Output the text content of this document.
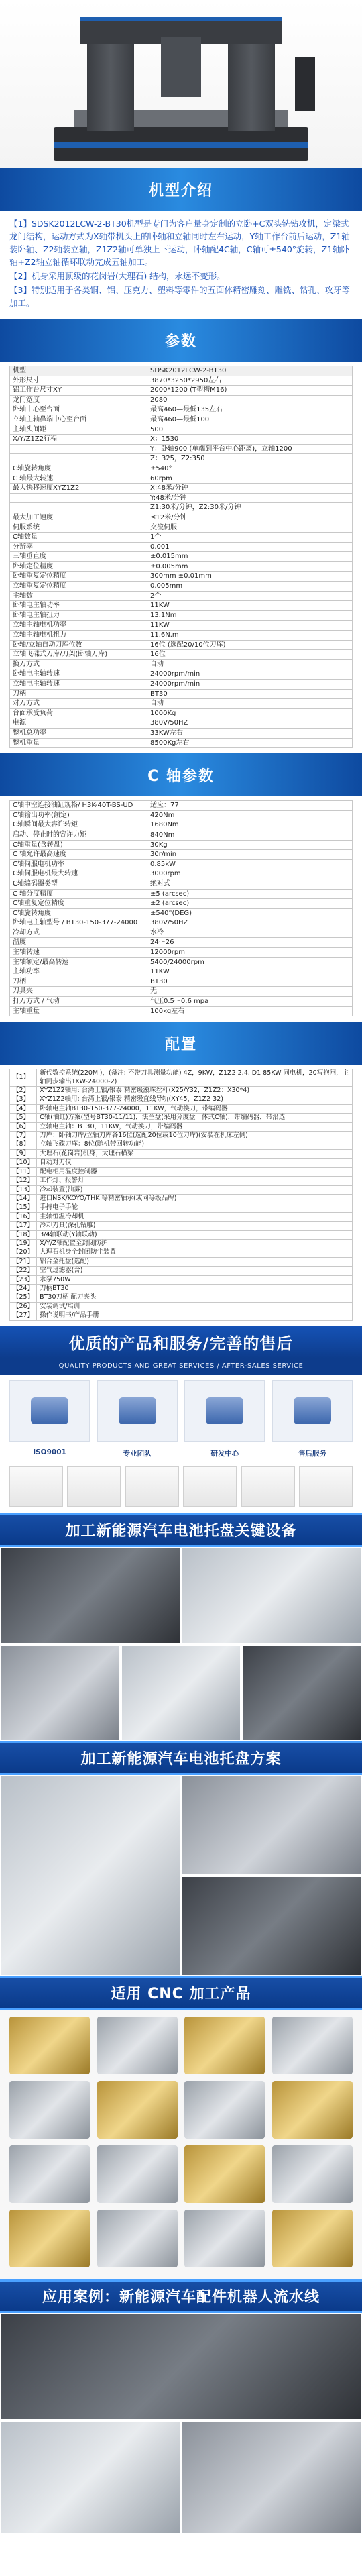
机型介绍

【1】SDSK2012LCW-2-BT30机型是专门为客户量身定制的立卧+C双头铣钻攻机，定梁式龙门结构，运动方式为X轴带机头上的卧轴和立轴同时左右运动，Y轴工作台前后运动，Z1轴装卧轴、Z2轴装立轴，Z1Z2轴可单独上下运动，卧轴配4C轴，C轴可±540°旋转，Z1轴卧轴+Z2轴立轴循环联动完成五轴加工。

【2】机身采用顶级的花岗岩(大理石) 结构，永远不变形。

【3】特别适用于各类铜、铝、压克力、塑料等零件的五面体精密雕刻、雕铣、钻孔、攻牙等加工。

参数
机型	SDSK2012LCW-2-BT30
外形尺寸	3870*3250*2950左右
铝工作台尺寸XY	2000*1200 (T型槽M16)
龙门宽度	2080
卧轴中心至台面	最高460—最低135左右
立轴主轴鼻端中心至台面	最高460—最低100
主轴头间距	500
X/Y/Z1Z2行程	X：1530
	Y：卧轴900 (单端到平台中心距离)，立轴1200
	Z：325，Z2:350
C轴旋转角度	±540°
C 轴最大转速	60rpm
最大快移速度XYZ1Z2	X:48米/分钟
	Y:48米/分钟
	Z1:30米/分钟，Z2:30米/分钟
最大加工速度	≤12米/分钟
伺服系统	交流伺服
C轴数量	1个
分辨率	0.001
三轴垂直度	±0.015mm
卧轴定位精度	±0.005mm
卧轴重复定位精度	300mm ±0.01mm
立轴重复定位精度	0.005mm
主轴数	2个
卧轴电主轴功率	11KW
卧轴电主轴扭力	13.1Nm
立轴主轴电机功率	11KW
立轴主轴电机扭力	11.6N.m
卧轴/立轴自动刀库位数	16位 (选配20/10位刀库)
立轴飞碟式刀库/刀架(卧轴刀库)	16位
换刀方式	自动
卧轴电主轴转速	24000rpm/min
立轴电主轴转速	24000rpm/min
刀柄	BT30
对刀方式	自动
台面承受负荷	1000Kg
电源	380V/50HZ
整机总功率	33KW左右
整机重量	8500Kg左右
C 轴参数
C轴中空连接油缸规格/ H3K-40T-BS-UD	适应：77
C轴输出功率(额定)	420Nm
C轴瞬间最大容许转矩	1680Nm
启动、停止时的容许力矩	840Nm
C轴重量(含转盘)	30Kg
C 轴允许最高速度	30r/min
C轴伺服电机功率	0.85kW
C轴伺服电机最大转速	3000rpm
C轴编码器类型	绝对式
C 轴分度精度	±5 (arcsec)
C轴重复定位精度	±2 (arcsec)
C轴旋转角度	±540°(DEG)
卧轴电主轴型号 / BT30-150-377-24000	380V/50HZ
冷却方式	水冷
温度	24～26
主轴转速	12000rpm
主轴额定/最高转速	5400/24000rpm
主轴功率	11KW
刀柄	BT30
刀具夹	无
打刀方式 / 气动	气压0.5～0.6 mpa
主轴重量	100kg左右
配置
【1】	新代数控系统(220Mi)，(备注: 不带刀具测量功能) 4Z，9KW，Z1Z2 2.4, D1 85KW 同电机，20写抱闸，主轴同步输出1KW-24000-2)
【2】	XYZ1Z2轴用: 台湾上银/银泰 精密级滚珠丝杆(X25/Y32，Z1Z2：X30*4)
【3】	XYZ1Z2轴用: 台湾上银/银泰 精密级直线导轨(XY45，Z1Z2 32)
【4】	卧轴电主轴BT30-150-377-24000，11KW，气动换刀，带编码器
【5】	C轴(油缸)方案(型号BT30-11/11)，法兰盘(采用分度盘一体式C轴)，带编码器，带沿选
【6】	立轴电主轴：BT30，11KW，气动换刀，带编码器
【7】	刀库：卧轴刀库/立轴刀库各16位(选配20位或10位刀库)(安装在机床左侧)
【8】	立轴飞碟刀库：8位(随机带回转功能)
【9】	大理石(花岗岩)机身，大理石横梁
【10】	自动对刀仪
【11】	配电柜用温度控制器
【12】	工作灯、报警灯
【13】	冷却装置(油雾)
【14】	进口NSK/KOYO/THK 等精密轴承(或同等级品牌)
【15】	手持电子手轮
【16】	主轴恒温冷却机
【17】	冷却刀具(深孔钻雕)
【18】	3/4轴联动(Y轴联动)
【19】	X/Y/Z轴配置全封闭防护
【20】	大理石机身全封闭防尘装置
【21】	铝合金托盘(选配)
【22】	空气过滤器(含)
【23】	水泵750W
【24】	刀柄BT30
【25】	BT30刀柄 配刀夹头
【26】	安装调试/培训
【27】	操作说明书/产品手册
优质的产品和服务/完善的售后
QUALITY PRODUCTS AND GREAT SERVICES / AFTER-SALES SERVICE
ISO9001	专业团队	研发中心	售后服务
加工新能源汽车电池托盘关键设备
加工新能源汽车电池托盘方案
适用 CNC 加工产品
应用案例：新能源汽车配件机器人流水线
